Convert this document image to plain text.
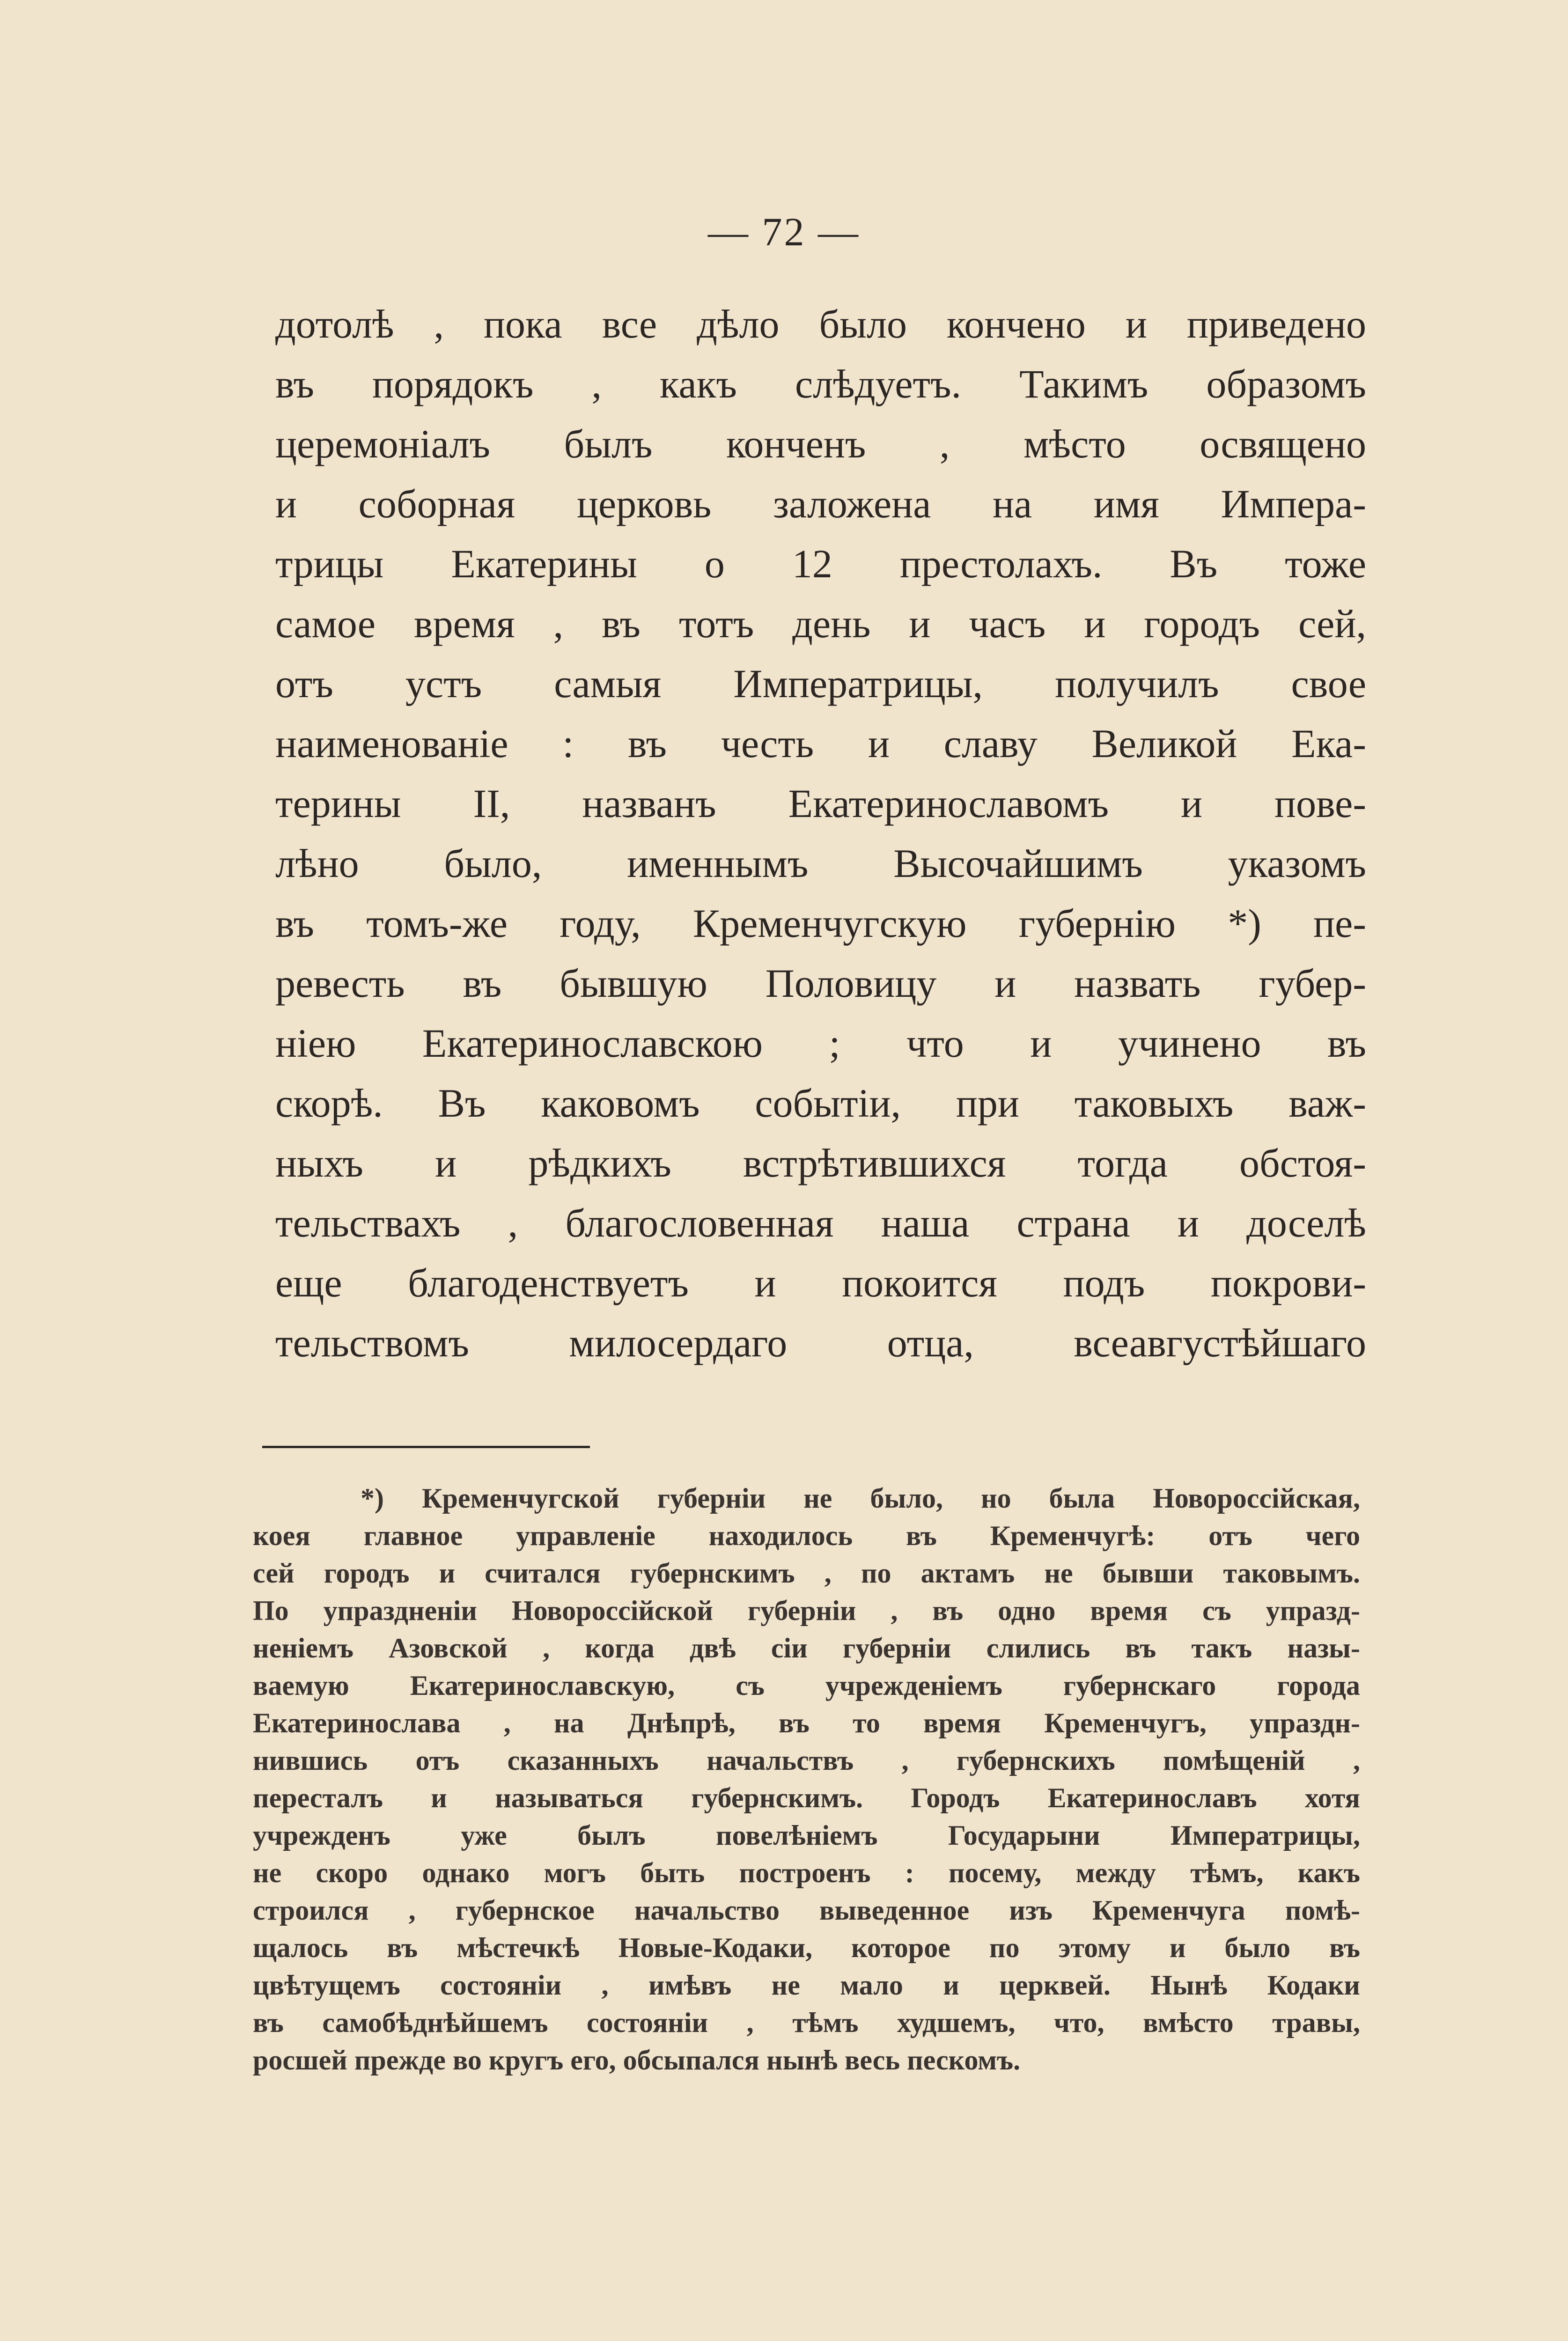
— 72 —
дотолѣ , пока все дѣло было кончено и приведено
въ порядокъ , какъ слѣдуетъ. Такимъ образомъ
церемоніалъ былъ конченъ , мѣсто освящено
и соборная церковь заложена на имя Импера-
трицы Екатерины о 12 престолахъ. Въ тоже
самое время , въ тотъ день и часъ и городъ сей,
отъ устъ самыя Императрицы, получилъ свое
наименованіе : въ честь и славу Великой Ека-
терины II, названъ Екатеринославомъ и пове-
лѣно было, именнымъ Высочайшимъ указомъ
въ томъ-же году, Кременчугскую губернію *) пе-
ревесть въ бывшую Половицу и назвать губер-
ніею Екатеринославскою ; что и учинено въ
скорѣ. Въ каковомъ событіи, при таковыхъ важ-
ныхъ и рѣдкихъ встрѣтившихся тогда обстоя-
тельствахъ , благословенная наша страна и доселѣ
еще благоденствуетъ и покоится подъ покрови-
тельствомъ милосердаго отца, всеавгустѣйшаго
*) Кременчугской губерніи не было, но была Новороссійская,
коея главное управленіе находилось въ Кременчугѣ: отъ чего
сей городъ и считался губернскимъ , по актамъ не бывши таковымъ.
По упраздненіи Новороссійской губерніи , въ одно время съ упразд-
неніемъ Азовской , когда двѣ сіи губерніи слились въ такъ назы-
ваемую Екатеринославскую, съ учрежденіемъ губернскаго города
Екатеринослава , на Днѣпрѣ, въ то время Кременчугъ, упраздн-
нившись отъ сказанныхъ начальствъ , губернскихъ помѣщеній ,
пересталъ и называться губернскимъ. Городъ Екатеринославъ хотя
учрежденъ уже былъ повелѣніемъ Государыни Императрицы,
не скоро однако могъ быть построенъ : посему, между тѣмъ, какъ
строился , губернское начальство выведенное изъ Кременчуга помѣ-
щалось въ мѣстечкѣ Новые-Кодаки, которое по этому и было въ
цвѣтущемъ состояніи , имѣвъ не мало и церквей. Нынѣ Кодаки
въ самобѣднѣйшемъ состояніи , тѣмъ худшемъ, что, вмѣсто травы,
росшей прежде во кругъ его, обсыпался нынѣ весь пескомъ.
